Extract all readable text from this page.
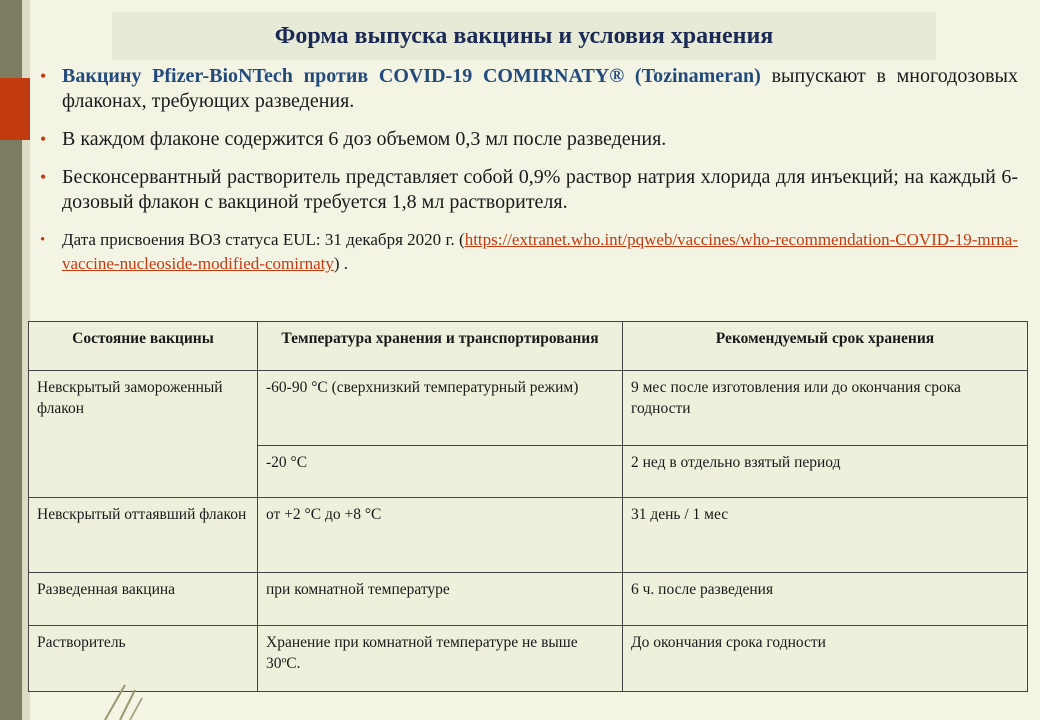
Форма выпуска вакцины и условия хранения
• Вакцину Pfizer-BioNTech против COVID-19 COMIRNATY® (Tozinameran) выпускают в многодозовых флаконах, требующих разведения.
• В каждом флаконе содержится 6 доз объемом 0,3 мл после разведения.
• Бесконсервантный растворитель представляет собой 0,9% раствор натрия хлорида для инъекций; на каждый 6-дозовый флакон с вакциной требуется 1,8 мл растворителя.
• Дата присвоения ВОЗ статуса EUL: 31 декабря 2020 г. (https://extranet.who.int/pqweb/vaccines/who-recommendation-COVID-19-mrna-vaccine-nucleoside-modified-comirnaty) .
Состояние вакцины	Температура хранения и транспортирования	Рекомендуемый срок хранения
Невскрытый замороженный флакон	-60-90 °C (сверхнизкий температурный режим)	9 мес после изготовления или до окончания срока годности
	-20 °C	2 нед в отдельно взятый период
Невскрытый оттаявший флакон	от +2 °C до +8 °C	31 день / 1 мес
Разведенная вакцина	при комнатной температуре	6 ч. после разведения
Растворитель	Хранение при комнатной температуре не выше 30ºС.	До окончания срока годности
